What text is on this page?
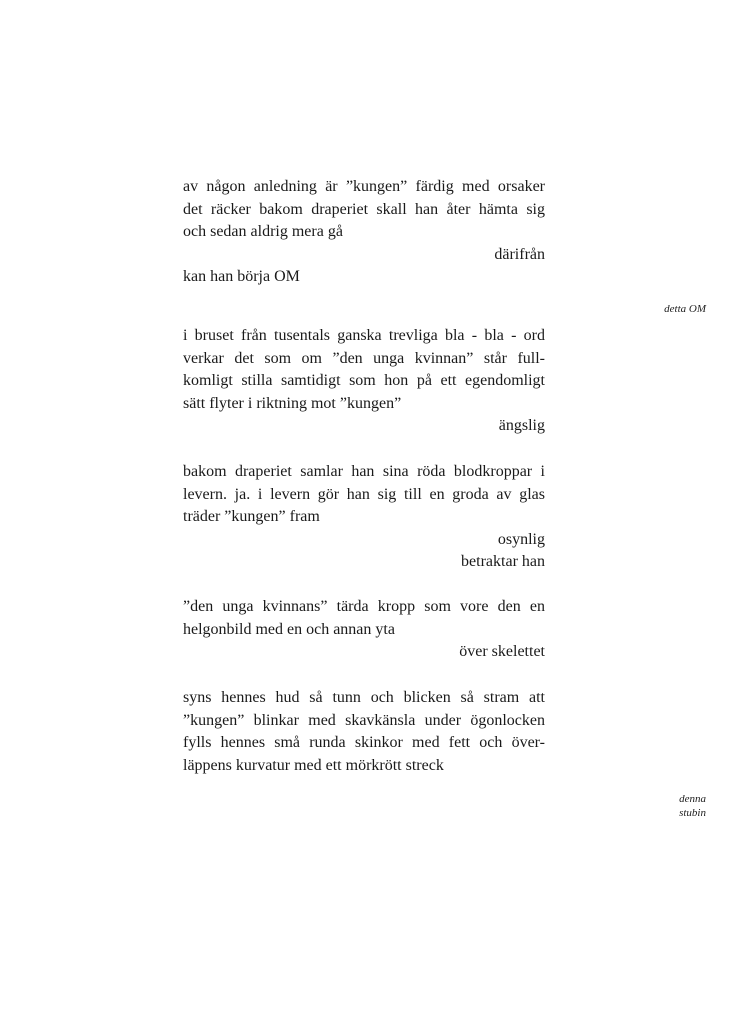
av någon anledning är ”kungen” färdig med orsaker
det räcker bakom draperiet skall han åter hämta sig
och sedan aldrig mera gå
därifrån
kan han börja OM
i bruset från tusentals ganska trevliga bla - bla - ord
verkar det som om ”den unga kvinnan” står full-
komligt stilla samtidigt som hon på ett egendomligt
sätt flyter i riktning mot ”kungen”
ängslig
bakom draperiet samlar han sina röda blodkroppar i
levern. ja. i levern gör han sig till en groda av glas
träder ”kungen” fram
osynlig
betraktar han
”den unga kvinnans” tärda kropp som vore den en
helgonbild med en och annan yta
över skelettet
syns hennes hud så tunn och blicken så stram att
”kungen” blinkar med skavkänsla under ögonlocken
fylls hennes små runda skinkor med fett och över-
läppens kurvatur med ett mörkrött streck
detta OM
denna
stubin
